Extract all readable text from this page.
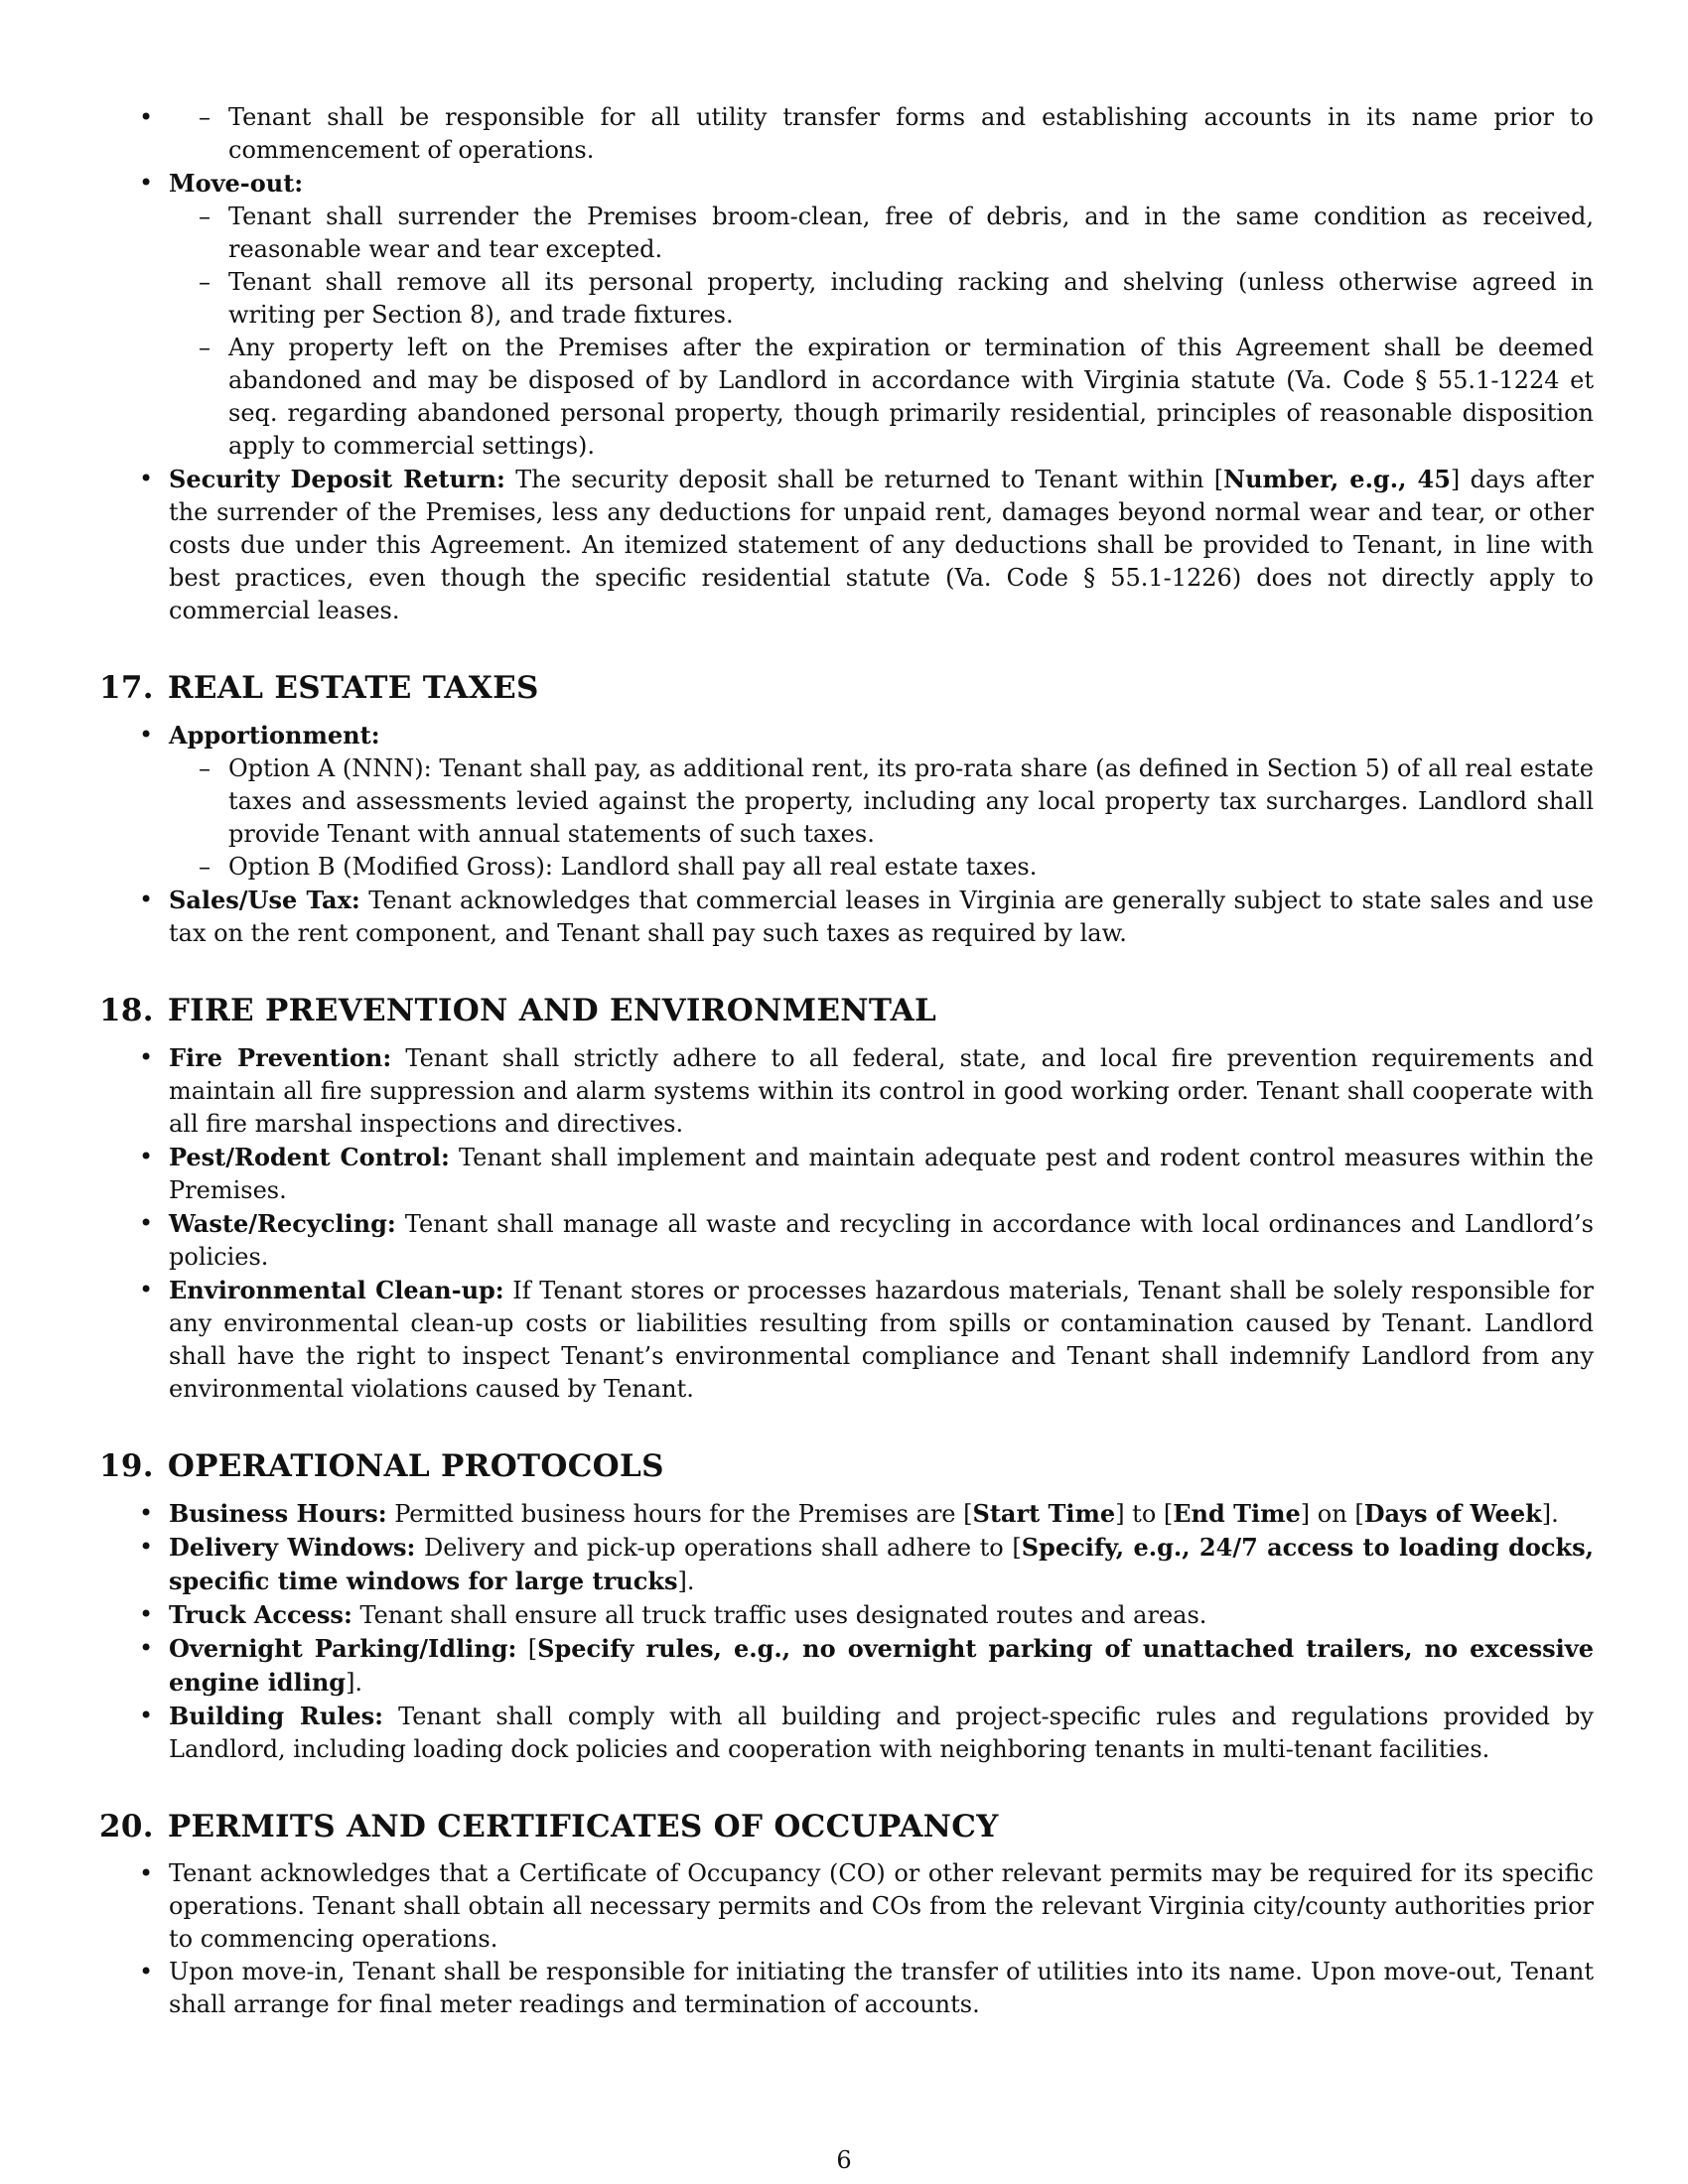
– • Tenant shall be responsible for all utility transfer forms and establishing accounts in its name prior to commencement of operations.
• Move-out:
– Tenant shall surrender the Premises broom-clean, free of debris, and in the same condition as received, reasonable wear and tear excepted.
– Tenant shall remove all its personal property, including racking and shelving (unless otherwise agreed in writing per Section 8), and trade fixtures.
– Any property left on the Premises after the expiration or termination of this Agreement shall be deemed abandoned and may be disposed of by Landlord in accordance with Virginia statute (Va. Code § 55.1-1224 et seq. regarding abandoned personal property, though primarily residential, principles of reasonable disposition apply to commercial settings).
• Security Deposit Return: The security deposit shall be returned to Tenant within [Number, e.g., 45] days after the surrender of the Premises, less any deductions for unpaid rent, damages beyond normal wear and tear, or other costs due under this Agreement. An itemized statement of any deductions shall be provided to Tenant, in line with best practices, even though the specific residential statute (Va. Code § 55.1-1226) does not directly apply to commercial leases.
17. REAL ESTATE TAXES
• Apportionment:
– Option A (NNN): Tenant shall pay, as additional rent, its pro-rata share (as defined in Section 5) of all real estate taxes and assessments levied against the property, including any local property tax surcharges. Landlord shall provide Tenant with annual statements of such taxes.
– Option B (Modified Gross): Landlord shall pay all real estate taxes.
• Sales/Use Tax: Tenant acknowledges that commercial leases in Virginia are generally subject to state sales and use tax on the rent component, and Tenant shall pay such taxes as required by law.
18. FIRE PREVENTION AND ENVIRONMENTAL
• Fire Prevention: Tenant shall strictly adhere to all federal, state, and local fire prevention requirements and maintain all fire suppression and alarm systems within its control in good working order. Tenant shall cooperate with all fire marshal inspections and directives.
• Pest/Rodent Control: Tenant shall implement and maintain adequate pest and rodent control measures within the Premises.
• Waste/Recycling: Tenant shall manage all waste and recycling in accordance with local ordinances and Landlord’s policies.
• Environmental Clean-up: If Tenant stores or processes hazardous materials, Tenant shall be solely responsible for any environmental clean-up costs or liabilities resulting from spills or contamination caused by Tenant. Landlord shall have the right to inspect Tenant’s environmental compliance and Tenant shall indemnify Landlord from any environmental violations caused by Tenant.
19. OPERATIONAL PROTOCOLS
• Business Hours: Permitted business hours for the Premises are [Start Time] to [End Time] on [Days of Week].
• Delivery Windows: Delivery and pick-up operations shall adhere to [Specify, e.g., 24/7 access to loading docks, specific time windows for large trucks].
• Truck Access: Tenant shall ensure all truck traffic uses designated routes and areas.
• Overnight Parking/Idling: [Specify rules, e.g., no overnight parking of unattached trailers, no excessive engine idling].
• Building Rules: Tenant shall comply with all building and project-specific rules and regulations provided by Landlord, including loading dock policies and cooperation with neighboring tenants in multi-tenant facilities.
20. PERMITS AND CERTIFICATES OF OCCUPANCY
• Tenant acknowledges that a Certificate of Occupancy (CO) or other relevant permits may be required for its specific operations. Tenant shall obtain all necessary permits and COs from the relevant Virginia city/county authorities prior to commencing operations.
• Upon move-in, Tenant shall be responsible for initiating the transfer of utilities into its name. Upon move-out, Tenant shall arrange for final meter readings and termination of accounts.
6
